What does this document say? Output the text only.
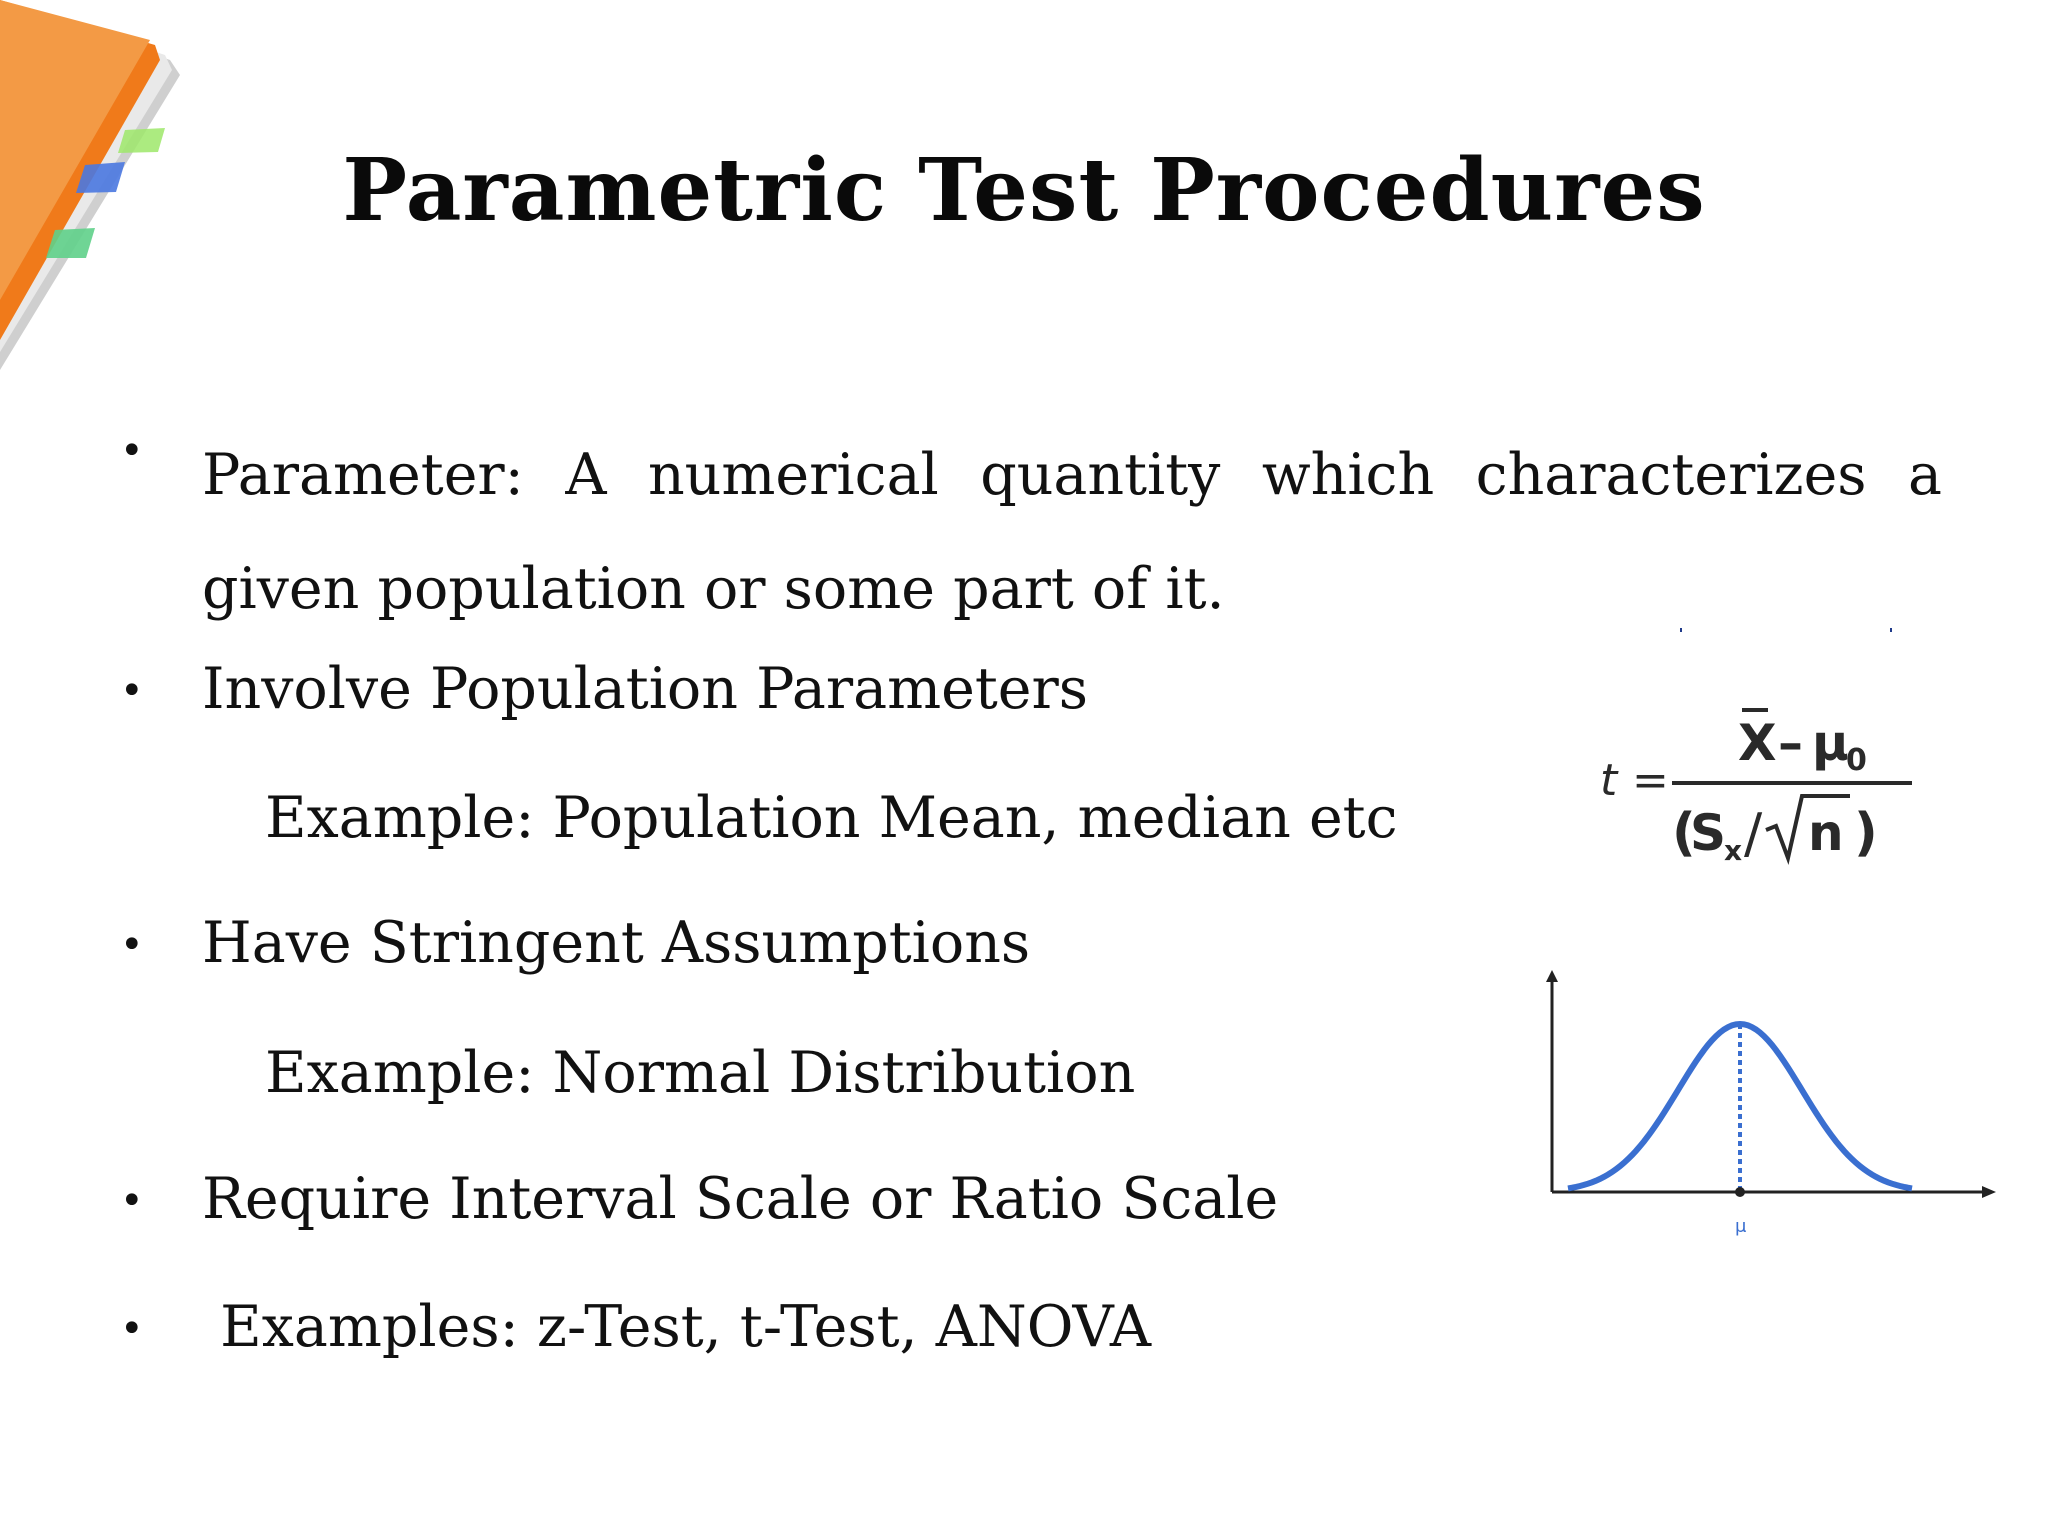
Parametric Test Procedures
• Parameter: A numerical quantity which characterizes a given population or some part of it.
• Involve Population Parameters
Example: Population Mean, median etc
• Have Stringent Assumptions
Example: Normal Distribution
• Require Interval Scale or Ratio Scale
• Examples: z-Test, t-Test, ANOVA
t =
X – μ
0
(
S
x / n )
μ
